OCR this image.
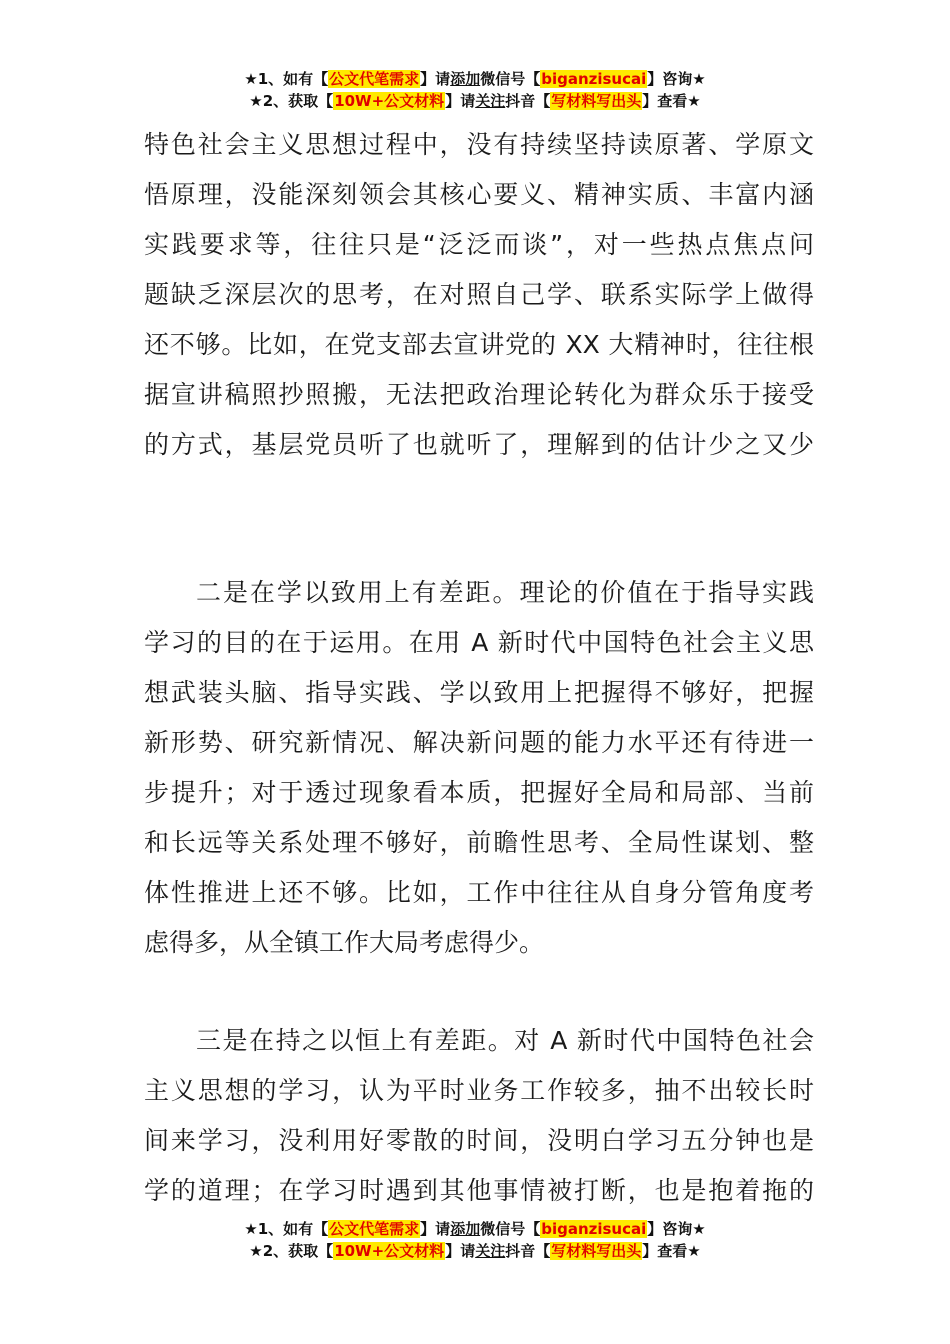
★1、如有【公文代笔需求】请添加微信号【biganzisucai】咨询★
★2、获取【10W+公文材料】请关注抖音【写材料写出头】查看★
特色社会主义思想过程中，没有持续坚持读原著、学原文
悟原理，没能深刻领会其核心要义、精神实质、丰富内涵
实践要求等，往往只是“泛泛而谈”，对一些热点焦点问
题缺乏深层次的思考，在对照自己学、联系实际学上做得
还不够。比如，在党支部去宣讲党的 XX 大精神时，往往根
据宣讲稿照抄照搬，无法把政治理论转化为群众乐于接受
的方式，基层党员听了也就听了，理解到的估计少之又少
二是在学以致用上有差距。理论的价值在于指导实践
学习的目的在于运用。在用 A 新时代中国特色社会主义思
想武装头脑、指导实践、学以致用上把握得不够好，把握
新形势、研究新情况、解决新问题的能力水平还有待进一
步提升；对于透过现象看本质，把握好全局和局部、当前
和长远等关系处理不够好，前瞻性思考、全局性谋划、整
体性推进上还不够。比如，工作中往往从自身分管角度考
虑得多，从全镇工作大局考虑得少。
三是在持之以恒上有差距。对 A 新时代中国特色社会
主义思想的学习，认为平时业务工作较多，抽不出较长时
间来学习，没利用好零散的时间，没明白学习五分钟也是
学的道理；在学习时遇到其他事情被打断，也是抱着拖的
★1、如有【公文代笔需求】请添加微信号【biganzisucai】咨询★
★2、获取【10W+公文材料】请关注抖音【写材料写出头】查看★
